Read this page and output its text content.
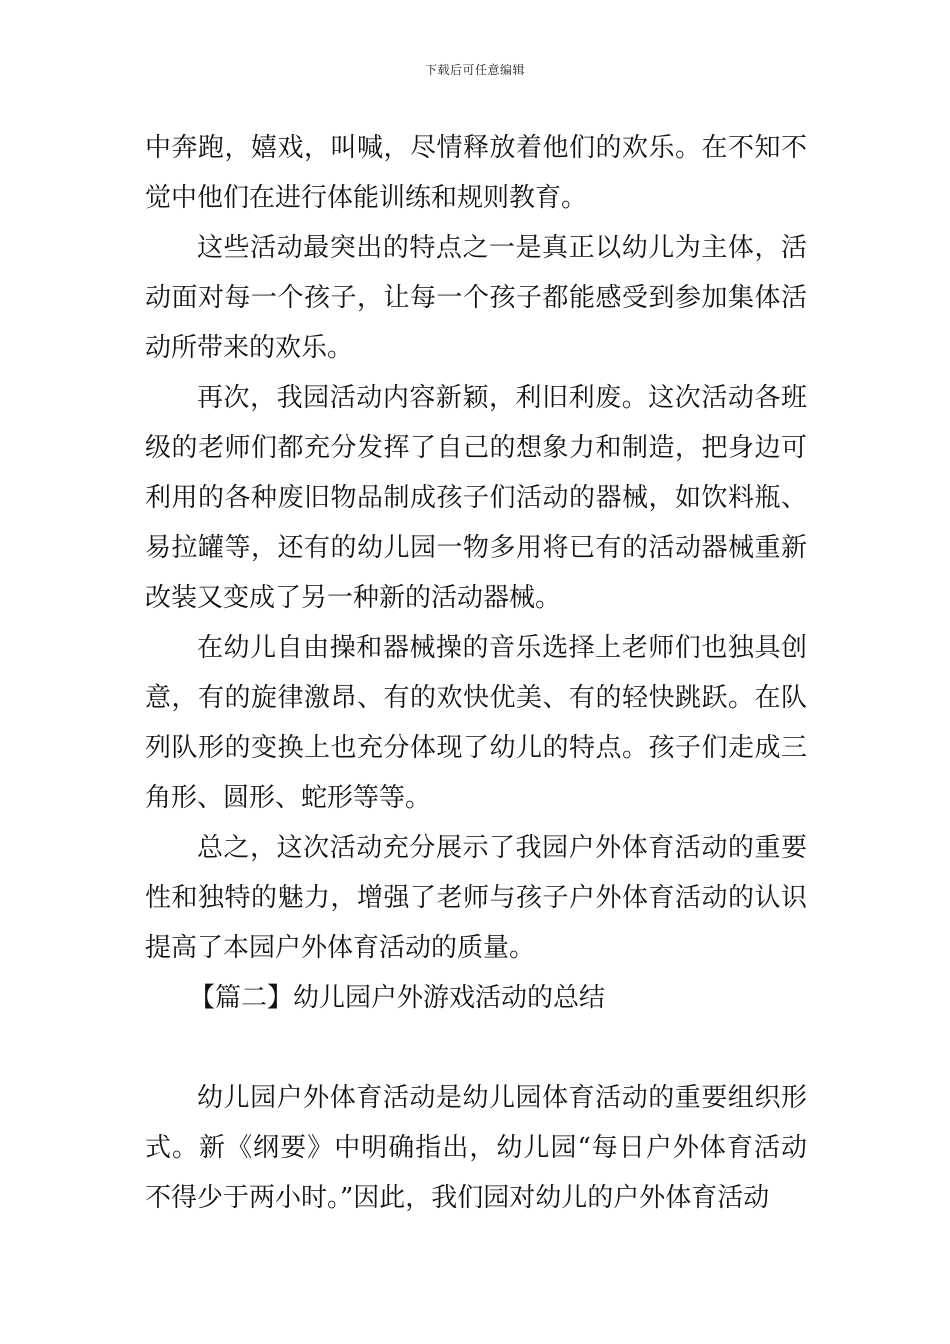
下载后可任意编辑

中奔跑，嬉戏，叫喊，尽情释放着他们的欢乐。在不知不觉中他们在进行体能训练和规则教育。

这些活动最突出的特点之一是真正以幼儿为主体，活动面对每一个孩子，让每一个孩子都能感受到参加集体活动所带来的欢乐。

再次，我园活动内容新颖，利旧利废。这次活动各班级的老师们都充分发挥了自己的想象力和制造，把身边可利用的各种废旧物品制成孩子们活动的器械，如饮料瓶、易拉罐等，还有的幼儿园一物多用将已有的活动器械重新改装又变成了另一种新的活动器械。

在幼儿自由操和器械操的音乐选择上老师们也独具创意，有的旋律激昂、有的欢快优美、有的轻快跳跃。在队列队形的变换上也充分体现了幼儿的特点。孩子们走成三角形、圆形、蛇形等等。

总之，这次活动充分展示了我园户外体育活动的重要性和独特的魅力，增强了老师与孩子户外体育活动的认识提高了本园户外体育活动的质量。

【篇二】幼儿园户外游戏活动的总结

幼儿园户外体育活动是幼儿园体育活动的重要组织形式。新《纲要》中明确指出，幼儿园“每日户外体育活动不得少于两小时。”因此，我们园对幼儿的户外体育活动
